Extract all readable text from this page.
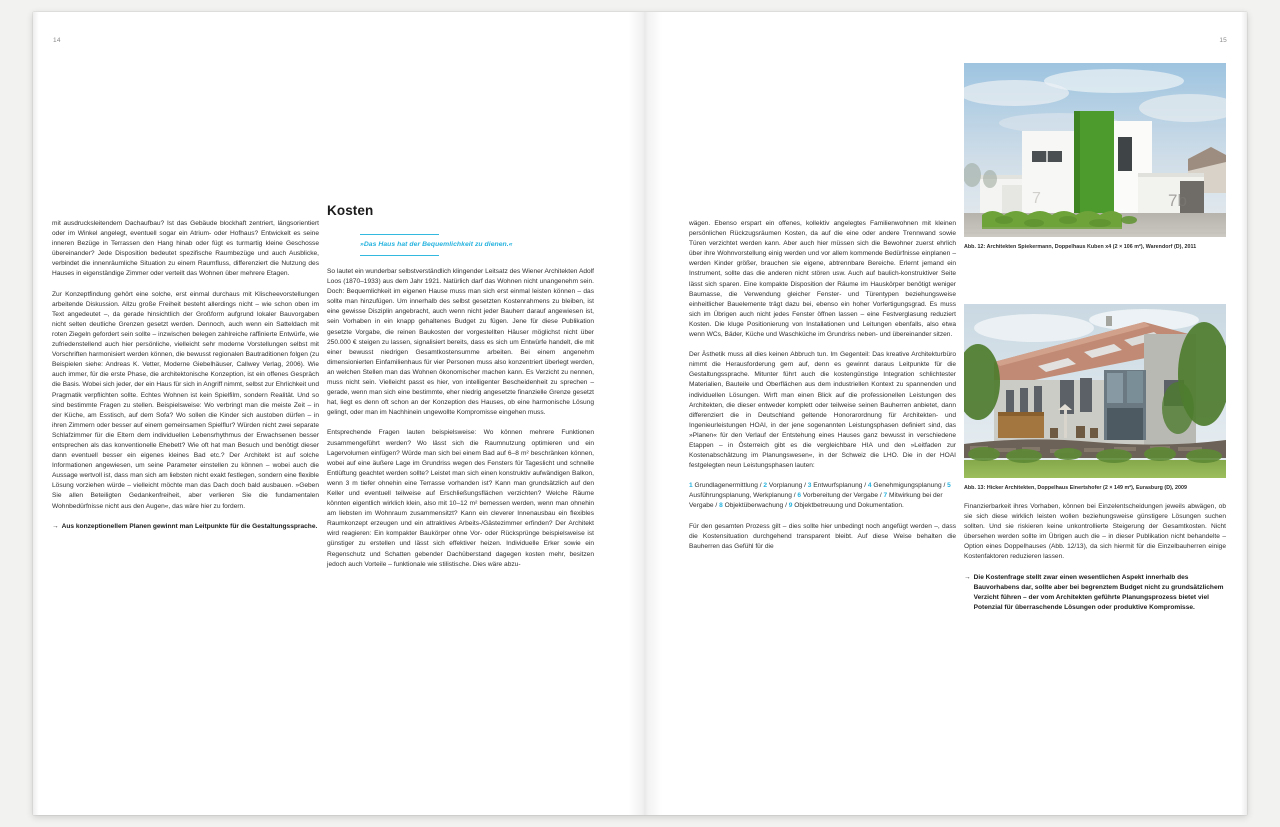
14

mit ausdrucksleitendem Dachaufbau? Ist das Gebäude blockhaft zentriert, längsorientiert oder im Winkel angelegt, eventuell sogar ein Atrium- oder Hofhaus? Entwickelt es seine inneren Bezüge in Terrassen den Hang hinab oder fügt es turmartig kleine Geschosse übereinander? Jede Disposition bedeutet spezifische Raumbezüge und auch Ausblicke, verbindet die innenräumliche Situation zu einem Raumfluss, differenziert die Nutzung des Hauses in eigenständige Zimmer oder verteilt das Wohnen über mehrere Etagen.

Zur Konzeptfindung gehört eine solche, erst einmal durchaus mit Klischeevorstellungen arbeitende Diskussion. Allzu große Freiheit besteht allerdings nicht – wie schon oben im Text angedeutet –, da gerade hinsichtlich der Großform aufgrund lokaler Bauvorgaben nicht selten deutliche Grenzen gesetzt werden. Dennoch, auch wenn ein Satteldach mit roten Ziegeln gefordert sein sollte – inzwischen belegen zahlreiche raffinierte Entwürfe, wie zufriedenstellend auch hier persönliche, vielleicht sehr moderne Vorstellungen selbst mit Vorschriften harmonisiert werden können, die bewusst regionalen Bautraditionen folgen (zu Beispielen siehe: Andreas K. Vetter, Moderne Giebelhäuser, Callwey Verlag, 2006). Wie auch immer, für die erste Phase, die architektonische Konzeption, ist ein offenes Gespräch die Basis. Wobei sich jeder, der ein Haus für sich in Angriff nimmt, selbst zur Ehrlichkeit und Pragmatik verpflichten sollte. Echtes Wohnen ist kein Spielfilm, sondern Realität. Und so sind bestimmte Fragen zu stellen. Beispielsweise: Wo verbringt man die meiste Zeit – in der Küche, am Esstisch, auf dem Sofa? Wo sollen die Kinder sich austoben dürfen – in ihren Zimmern oder besser auf einem gemeinsamen Spielflur? Würden nicht zwei separate Schlafzimmer für die Eltern dem individuellen Lebensrhythmus der Erwachsenen besser entsprechen als das konventionelle Ehebett? Wie oft hat man Besuch und benötigt dieser dann eventuell besser ein eigenes kleines Bad etc.? Der Architekt ist auf solche Informationen angewiesen, um seine Parameter einstellen zu können – wobei auch die Aussage wertvoll ist, dass man sich am liebsten nicht exakt festlegen, sondern eine flexible Lösung vorziehen würde – vielleicht möchte man das Dach doch bald ausbauen. »Geben Sie allen Beteiligten Gedankenfreiheit, aber verlieren Sie die fundamentalen Wohnbedürfnisse nicht aus den Augen«, das wäre hier zu fordern.

→ Aus konzeptionellem Planen gewinnt man Leitpunkte für die Gestaltungssprache.
Kosten
»Das Haus hat der Bequemlichkeit zu dienen.«

So lautet ein wunderbar selbstverständlich klingender Leitsatz des Wiener Architekten Adolf Loos (1870–1933) aus dem Jahr 1921. Natürlich darf das Wohnen nicht unangenehm sein. Doch: Bequemlichkeit im eigenen Hause muss man sich erst einmal leisten können – das sollte man hinzufügen. Um innerhalb des selbst gesetzten Kostenrahmens zu bleiben, ist eine gewisse Disziplin angebracht, auch wenn nicht jeder Bauherr darauf angewiesen ist, sein Vorhaben in ein knapp gehaltenes Budget zu fügen. Jene für diese Publikation gesetzte Vorgabe, die reinen Baukosten der vorgestellten Häuser möglichst nicht über 250.000 € steigen zu lassen, signalisiert bereits, dass es sich um Entwürfe handelt, die mit einer bewusst niedrigen Gesamtkostensumme arbeiten. Bei einem angenehm dimensionierten Einfamilienhaus für vier Personen muss also konzentriert überlegt werden, an welchen Stellen man das Wohnen ökonomischer machen kann. Es Verzicht zu nennen, muss nicht sein. Vielleicht passt es hier, von intelligenter Bescheidenheit zu sprechen – gerade, wenn man sich eine bestimmte, eher niedrig angesetzte finanzielle Grenze gesetzt hat, liegt es denn oft schon an der Konzeption des Hauses, ob eine harmonische Lösung gelingt, oder man im Nachhinein ungewollte Kompromisse eingehen muss.

Entsprechende Fragen lauten beispielsweise: Wo können mehrere Funktionen zusammengeführt werden? Wo lässt sich die Raumnutzung optimieren und ein Lagervolumen einfügen? Würde man sich bei einem Bad auf 6–8 m² beschränken können, wobei auf eine äußere Lage im Grundriss wegen des Fensters für Tageslicht und schnelle Entlüftung geachtet werden sollte? Leistet man sich einen konstruktiv aufwändigen Balkon, wenn 3 m tiefer ohnehin eine Terrasse vorhanden ist? Kann man grundsätzlich auf den Keller und eventuell teilweise auf Erschließungsflächen verzichten? Welche Räume könnten eigentlich wirklich klein, also mit 10–12 m² bemessen werden, wenn man ohnehin am liebsten im Wohnraum zusammensitzt? Kann ein cleverer Innenausbau ein flexibles Raumkonzept erzeugen und ein attraktives Arbeits-/Gästezimmer erfinden? Der Architekt wird reagieren: Ein kompakter Baukörper ohne Vor- oder Rücksprünge beispielsweise ist günstiger zu erstellen und lässt sich effektiver heizen. Individuelle Erker sowie ein Regenschutz und Schatten gebender Dachüberstand dagegen kosten mehr, besitzen jedoch auch Vorteile – funktionale wie stilistische. Dies wäre abzu-

15

wägen. Ebenso erspart ein offenes, kollektiv angelegtes Familienwohnen mit kleinen persönlichen Rückzugsräumen Kosten, da auf die eine oder andere Trennwand sowie Türen verzichtet werden kann. Aber auch hier müssen sich die Bewohner zuerst ehrlich über ihre Wohnvorstellung einig werden und vor allem kommende Bedürfnisse einplanen – werden Kinder größer, brauchen sie eigene, abtrennbare Bereiche. Erlernt jemand ein Instrument, sollte das die anderen nicht stören usw. Auch auf baulich-konstruktiver Seite lässt sich sparen. Eine kompakte Disposition der Räume im Hauskörper benötigt weniger Baumasse, die Verwendung gleicher Fenster- und Türentypen beziehungsweise einheitlicher Bauelemente trägt dazu bei, ebenso ein hoher Vorfertigungsgrad. Es muss sich im Übrigen auch nicht jedes Fenster öffnen lassen – eine Festverglasung reduziert Kosten. Die kluge Positionierung von Installationen und Leitungen ebenfalls, also etwa wenn WCs, Bäder, Küche und Waschküche im Grundriss neben- und übereinander sitzen.

Der Ästhetik muss all dies keinen Abbruch tun. Im Gegenteil: Das kreative Architekturbüro nimmt die Herausforderung gern auf, denn es gewinnt daraus Leitpunkte für die Gestaltungssprache. Mitunter führt auch die kostengünstige Integration schlichtester Materialien, Bauteile und Oberflächen aus dem industriellen Kontext zu spannenden und individuellen Lösungen. Wirft man einen Blick auf die professionellen Leistungen des Architekten, die dieser entweder komplett oder teilweise seinen Bauherren anbietet, dann differenziert die in Deutschland geltende Honorarordnung für Architekten- und Ingenieurleistungen HOAI, in der jene sogenannten Leistungsphasen definiert sind, das »Planen« für den Verlauf der Entstehung eines Hauses ganz bewusst in verschiedene Etappen – in Österreich gibt es die vergleichbare HIA und den »Leitfaden zur Kostenabschätzung im Planungswesen«, in der Schweiz die LHO. Die in der HOAI festgelegten neun Leistungsphasen lauten:

1 Grundlagenermittlung / 2 Vorplanung / 3 Entwurfsplanung / 4 Genehmigungsplanung / 5 Ausführungsplanung, Werkplanung / 6 Vorbereitung der Vergabe / 7 Mitwirkung bei der Vergabe / 8 Objektüberwachung / 9 Objektbetreuung und Dokumentation.

Für den gesamten Prozess gilt – dies sollte hier unbedingt noch angefügt werden –, dass die Kostensituation durchgehend transparent bleibt. Auf diese Weise behalten die Bauherren das Gefühl für die

7b
7
Abb. 12: Architekten Spiekermann, Doppelhaus Kuben x4 (2 × 106 m²), Warendorf (D), 2011
Abb. 13: Hicker Architekten, Doppelhaus Einertshofer (2 × 149 m²), Eurasburg (D), 2009

Finanzierbarkeit ihres Vorhaben, können bei Einzelentscheidungen jeweils abwägen, ob sie sich diese wirklich leisten wollen beziehungsweise günstigere Lösungen suchen sollten. Und sie riskieren keine unkontrollierte Steigerung der Gesamtkosten. Nicht übersehen werden sollte im Übrigen auch die – in dieser Publikation nicht behandelte – Option eines Doppelhauses (Abb. 12/13), da sich hiermit für die Einzelbauherren einige Kostenfaktoren reduzieren lassen.

→ Die Kostenfrage stellt zwar einen wesentlichen Aspekt innerhalb des Bauvorhabens dar, sollte aber bei begrenztem Budget nicht zu grundsätzlichem Verzicht führen – der vom Architekten geführte Planungsprozess bietet viel Potenzial für überraschende Lösungen oder produktive Kompromisse.
